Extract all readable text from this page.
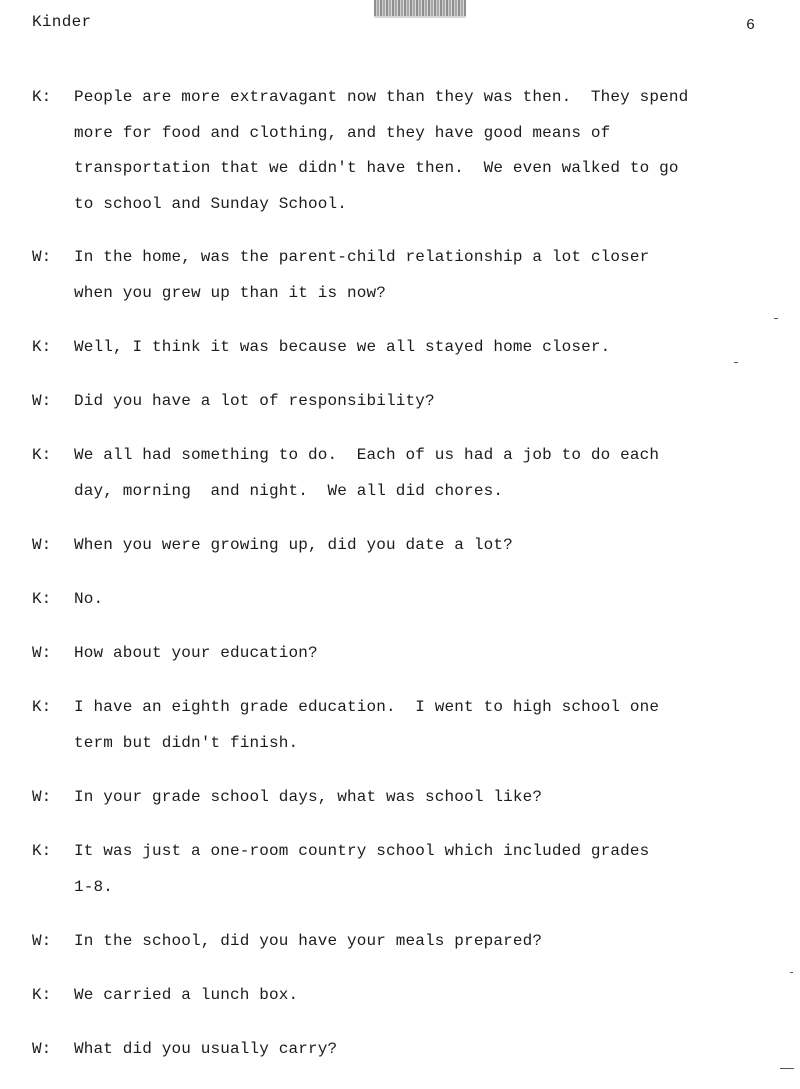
Kinder	6
K:	People are more extravagant now than they was then.  They spend
more for food and clothing, and they have good means of
transportation that we didn't have then.  We even walked to go
to school and Sunday School.
W:	In the home, was the parent-child relationship a lot closer
when you grew up than it is now?
K:	Well, I think it was because we all stayed home closer.
W:	Did you have a lot of responsibility?
K:	We all had something to do.  Each of us had a job to do each
day, morning  and night.  We all did chores.
W:	When you were growing up, did you date a lot?
K:	No.
W:	How about your education?
K:	I have an eighth grade education.  I went to high school one
term but didn't finish.
W:	In your grade school days, what was school like?
K:	It was just a one-room country school which included grades
1-8.
W:	In the school, did you have your meals prepared?
K:	We carried a lunch box.
W:	What did you usually carry?
